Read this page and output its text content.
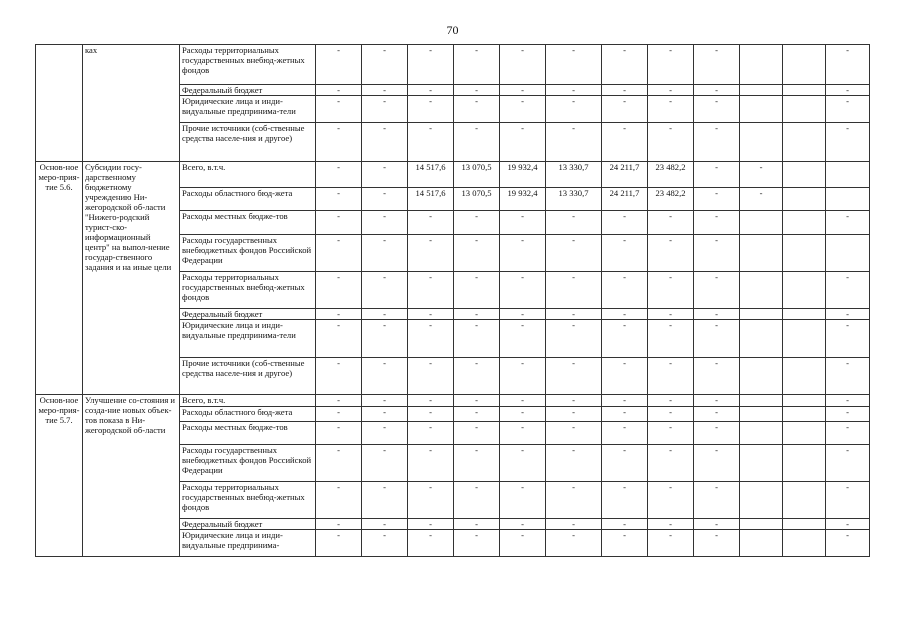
70
	ках	Расходы территориальных государственных внебюд-жетных фондов	-	-	-	-	-	-	-	-	-			-
		Федеральный бюджет	-	-	-	-	-	-	-	-	-			-
		Юридические лица и инди-видуальные предпринима-тели	-	-	-	-	-	-	-	-	-			-
		Прочие источники (соб-ственные средства населе-ния и другое)	-	-	-	-	-	-	-	-	-			-
Основ-ное меро-прия-тие 5.6.	Субсидии госу-дарственному бюджетному учреждению Ни-жегородской об-ласти "Нижего-родский турист-ско-информационный центр" на выпол-нение государ-ственного задания и на иные цели	Всего, в.т.ч.	-	-	14 517,6	13 070,5	19 932,4	13 330,7	24 211,7	23 482,2	-	-		
		Расходы областного бюд-жета	-	-	14 517,6	13 070,5	19 932,4	13 330,7	24 211,7	23 482,2	-	-		
		Расходы местных бюдже-тов	-	-	-	-	-	-	-	-	-			-
		Расходы государственных внебюджетных фондов Российской Федерации	-	-	-	-	-	-	-	-	-			
		Расходы территориальных государственных внебюд-жетных фондов	-	-	-	-	-	-	-	-	-			-
		Федеральный бюджет	-	-	-	-	-	-	-	-	-			-
		Юридические лица и инди-видуальные предпринима-тели	-	-	-	-	-	-	-	-	-			-
		Прочие источники (соб-ственные средства населе-ния и другое)	-	-	-	-	-	-	-	-	-			-
Основ-ное меро-прия-тие 5.7.	Улучшение со-стояния и созда-ние новых объек-тов показа в Ни-жегородской об-ласти	Всего, в.т.ч.	-	-	-	-	-	-	-	-	-			-
		Расходы областного бюд-жета	-	-	-	-	-	-	-	-	-			-
		Расходы местных бюдже-тов	-	-	-	-	-	-	-	-	-			-
		Расходы государственных внебюджетных фондов Российской Федерации	-	-	-	-	-	-	-	-	-			-
		Расходы территориальных государственных внебюд-жетных фондов	-	-	-	-	-	-	-	-	-			-
		Федеральный бюджет	-	-	-	-	-	-	-	-	-			-
		Юридические лица и инди-видуальные предпринима-	-	-	-	-	-	-	-	-	-			-
